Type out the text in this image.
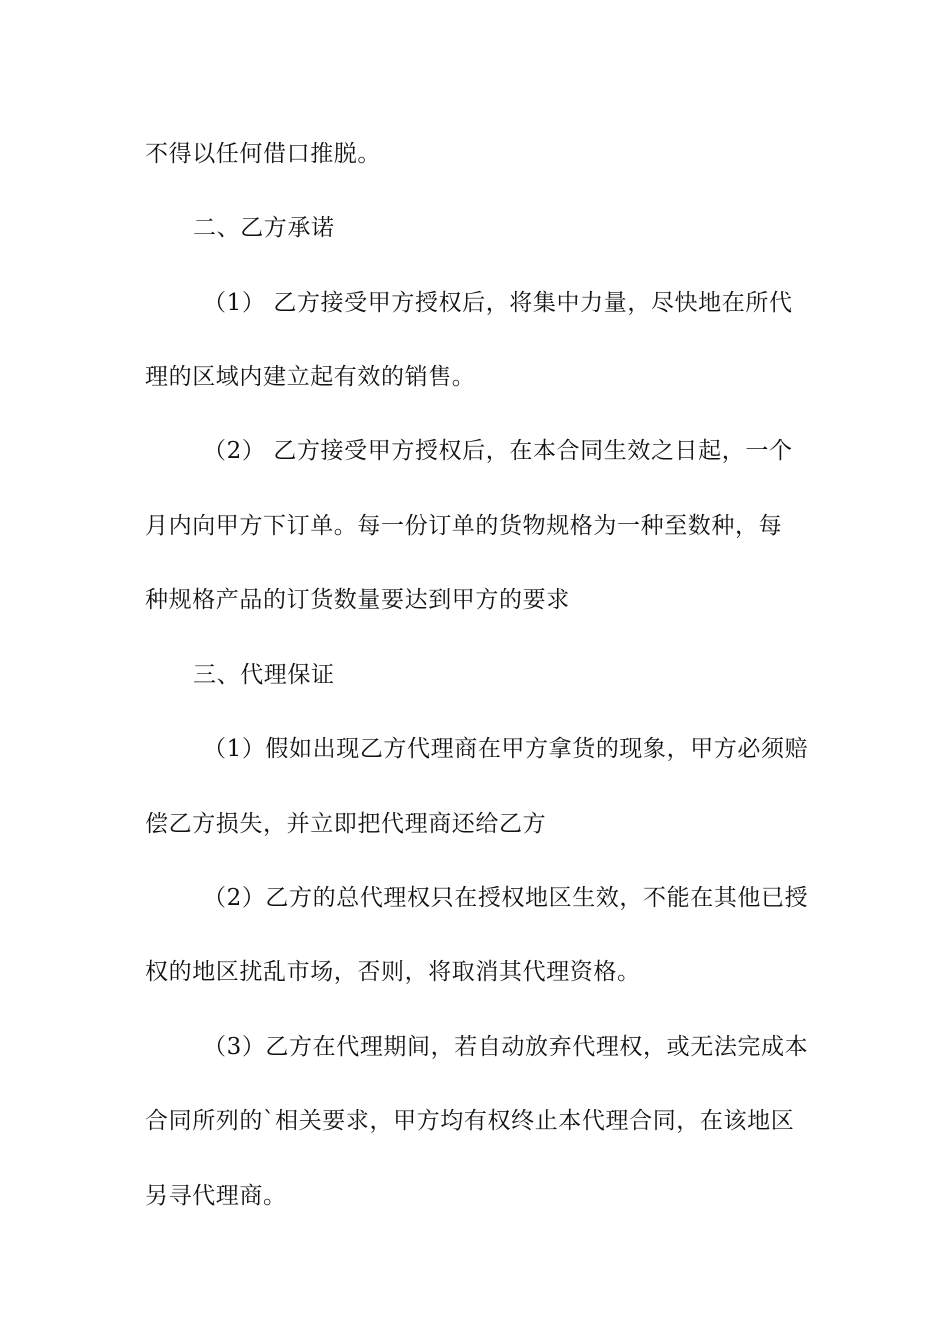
不得以任何借口推脱。
二、乙方承诺
（1） 乙方接受甲方授权后，将集中力量，尽快地在所代
理的区域内建立起有效的销售。
（2） 乙方接受甲方授权后，在本合同生效之日起，一个
月内向甲方下订单。每一份订单的货物规格为一种至数种，每
种规格产品的订货数量要达到甲方的要求
三、代理保证
（1）假如出现乙方代理商在甲方拿货的现象，甲方必须赔
偿乙方损失，并立即把代理商还给乙方
（2）乙方的总代理权只在授权地区生效，不能在其他已授
权的地区扰乱市场，否则，将取消其代理资格。
（3）乙方在代理期间，若自动放弃代理权，或无法完成本
合同所列的`相关要求，甲方均有权终止本代理合同，在该地区
另寻代理商。
